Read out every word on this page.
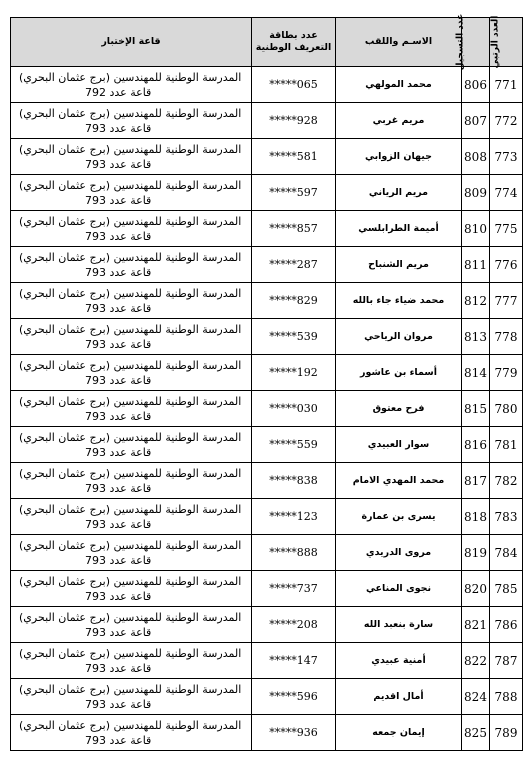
العدد الرتبي	عدد التسجيل	الاسـم واللقب	عدد بطاقة التعريف الوطنية	قاعة الإختبار
771	806	محمد المولهي	*****065	المدرسة الوطنية للمهندسين (برج عثمان البحري)
قاعة عدد 792

772	807	مريم غربي	*****928	المدرسة الوطنية للمهندسين (برج عثمان البحري)
قاعة عدد 793

773	808	جيهان الزوابي	*****581	المدرسة الوطنية للمهندسين (برج عثمان البحري)
قاعة عدد 793

774	809	مريم الرياني	*****597	المدرسة الوطنية للمهندسين (برج عثمان البحري)
قاعة عدد 793

775	810	أميمة الطرابلسي	*****857	المدرسة الوطنية للمهندسين (برج عثمان البحري)
قاعة عدد 793

776	811	مريم الشنباح	*****287	المدرسة الوطنية للمهندسين (برج عثمان البحري)
قاعة عدد 793

777	812	محمد ضياء جاء بالله	*****829	المدرسة الوطنية للمهندسين (برج عثمان البحري)
قاعة عدد 793

778	813	مروان الرياحي	*****539	المدرسة الوطنية للمهندسين (برج عثمان البحري)
قاعة عدد 793

779	814	أسماء بن عاشور	*****192	المدرسة الوطنية للمهندسين (برج عثمان البحري)
قاعة عدد 793

780	815	فرح معتوق	*****030	المدرسة الوطنية للمهندسين (برج عثمان البحري)
قاعة عدد 793

781	816	سوار العبيدي	*****559	المدرسة الوطنية للمهندسين (برج عثمان البحري)
قاعة عدد 793

782	817	محمد المهدي الامام	*****838	المدرسة الوطنية للمهندسين (برج عثمان البحري)
قاعة عدد 793

783	818	يسرى بن عمارة	*****123	المدرسة الوطنية للمهندسين (برج عثمان البحري)
قاعة عدد 793

784	819	مروى الدريدي	*****888	المدرسة الوطنية للمهندسين (برج عثمان البحري)
قاعة عدد 793

785	820	نجوى المناعي	*****737	المدرسة الوطنية للمهندسين (برج عثمان البحري)
قاعة عدد 793

786	821	سارة بنعبد الله	*****208	المدرسة الوطنية للمهندسين (برج عثمان البحري)
قاعة عدد 793

787	822	أمنية عبيدي	*****147	المدرسة الوطنية للمهندسين (برج عثمان البحري)
قاعة عدد 793

788	824	أمال اقديم	*****596	المدرسة الوطنية للمهندسين (برج عثمان البحري)
قاعة عدد 793

789	825	إيمان جمعه	*****936	المدرسة الوطنية للمهندسين (برج عثمان البحري)
قاعة عدد 793
